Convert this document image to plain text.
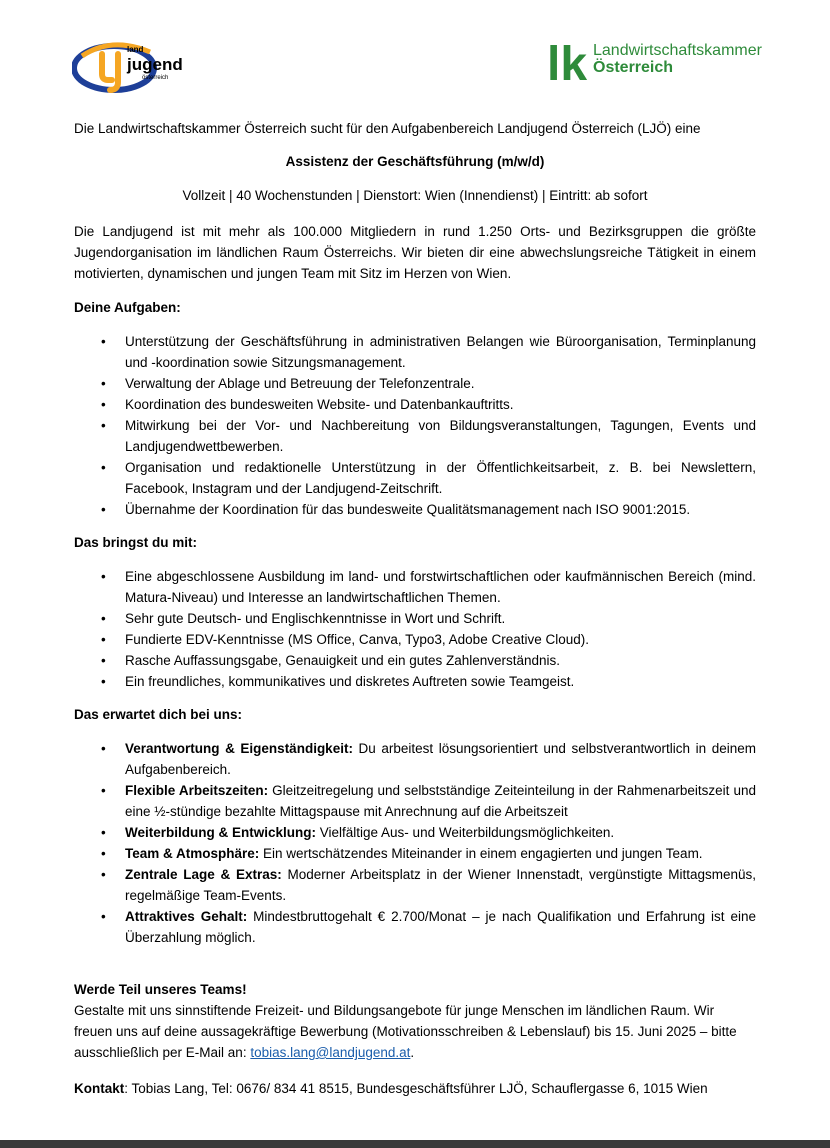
land
jugend
österreich	lk Landwirtschaftskammer
Österreich

Die Landwirtschaftskammer Österreich sucht für den Aufgabenbereich Landjugend Österreich (LJÖ) eine

Assistenz der Geschäftsführung (m/w/d)

Vollzeit | 40 Wochenstunden | Dienstort: Wien (Innendienst) | Eintritt: ab sofort

Die Landjugend ist mit mehr als 100.000 Mitgliedern in rund 1.250 Orts- und Bezirksgruppen die größte Jugendorganisation im ländlichen Raum Österreichs. Wir bieten dir eine abwechslungsreiche Tätigkeit in einem motivierten, dynamischen und jungen Team mit Sitz im Herzen von Wien.

Deine Aufgaben:
• Unterstützung der Geschäftsführung in administrativen Belangen wie Büroorganisation, Terminplanung und -koordination sowie Sitzungsmanagement.
• Verwaltung der Ablage und Betreuung der Telefonzentrale.
• Koordination des bundesweiten Website- und Datenbankauftritts.
• Mitwirkung bei der Vor- und Nachbereitung von Bildungsveranstaltungen, Tagungen, Events und Landjugendwettbewerben.
• Organisation und redaktionelle Unterstützung in der Öffentlichkeitsarbeit, z. B. bei Newslettern, Facebook, Instagram und der Landjugend-Zeitschrift.
• Übernahme der Koordination für das bundesweite Qualitätsmanagement nach ISO 9001:2015.
Das bringst du mit:
• Eine abgeschlossene Ausbildung im land- und forstwirtschaftlichen oder kaufmännischen Bereich (mind. Matura-Niveau) und Interesse an landwirtschaftlichen Themen.
• Sehr gute Deutsch- und Englischkenntnisse in Wort und Schrift.
• Fundierte EDV-Kenntnisse (MS Office, Canva, Typo3, Adobe Creative Cloud).
• Rasche Auffassungsgabe, Genauigkeit und ein gutes Zahlenverständnis.
• Ein freundliches, kommunikatives und diskretes Auftreten sowie Teamgeist.
Das erwartet dich bei uns:
• Verantwortung & Eigenständigkeit: Du arbeitest lösungsorientiert und selbstverantwortlich in deinem Aufgabenbereich.
• Flexible Arbeitszeiten: Gleitzeitregelung und selbstständige Zeiteinteilung in der Rahmenarbeitszeit und eine ½-stündige bezahlte Mittagspause mit Anrechnung auf die Arbeitszeit
• Weiterbildung & Entwicklung: Vielfältige Aus- und Weiterbildungsmöglichkeiten.
• Team & Atmosphäre: Ein wertschätzendes Miteinander in einem engagierten und jungen Team.
• Zentrale Lage & Extras: Moderner Arbeitsplatz in der Wiener Innenstadt, vergünstigte Mittagsmenüs, regelmäßige Team-Events.
• Attraktives Gehalt: Mindestbruttogehalt € 2.700/Monat – je nach Qualifikation und Erfahrung ist eine Überzahlung möglich.

Werde Teil unseres Teams!

Gestalte mit uns sinnstiftende Freizeit- und Bildungsangebote für junge Menschen im ländlichen Raum. Wir freuen uns auf deine aussagekräftige Bewerbung (Motivationsschreiben & Lebenslauf) bis 15. Juni 2025 – bitte ausschließlich per E-Mail an: tobias.lang@landjugend.at.

Kontakt: Tobias Lang, Tel: 0676/ 834 41 8515, Bundesgeschäftsführer LJÖ, Schauflergasse 6, 1015 Wien
